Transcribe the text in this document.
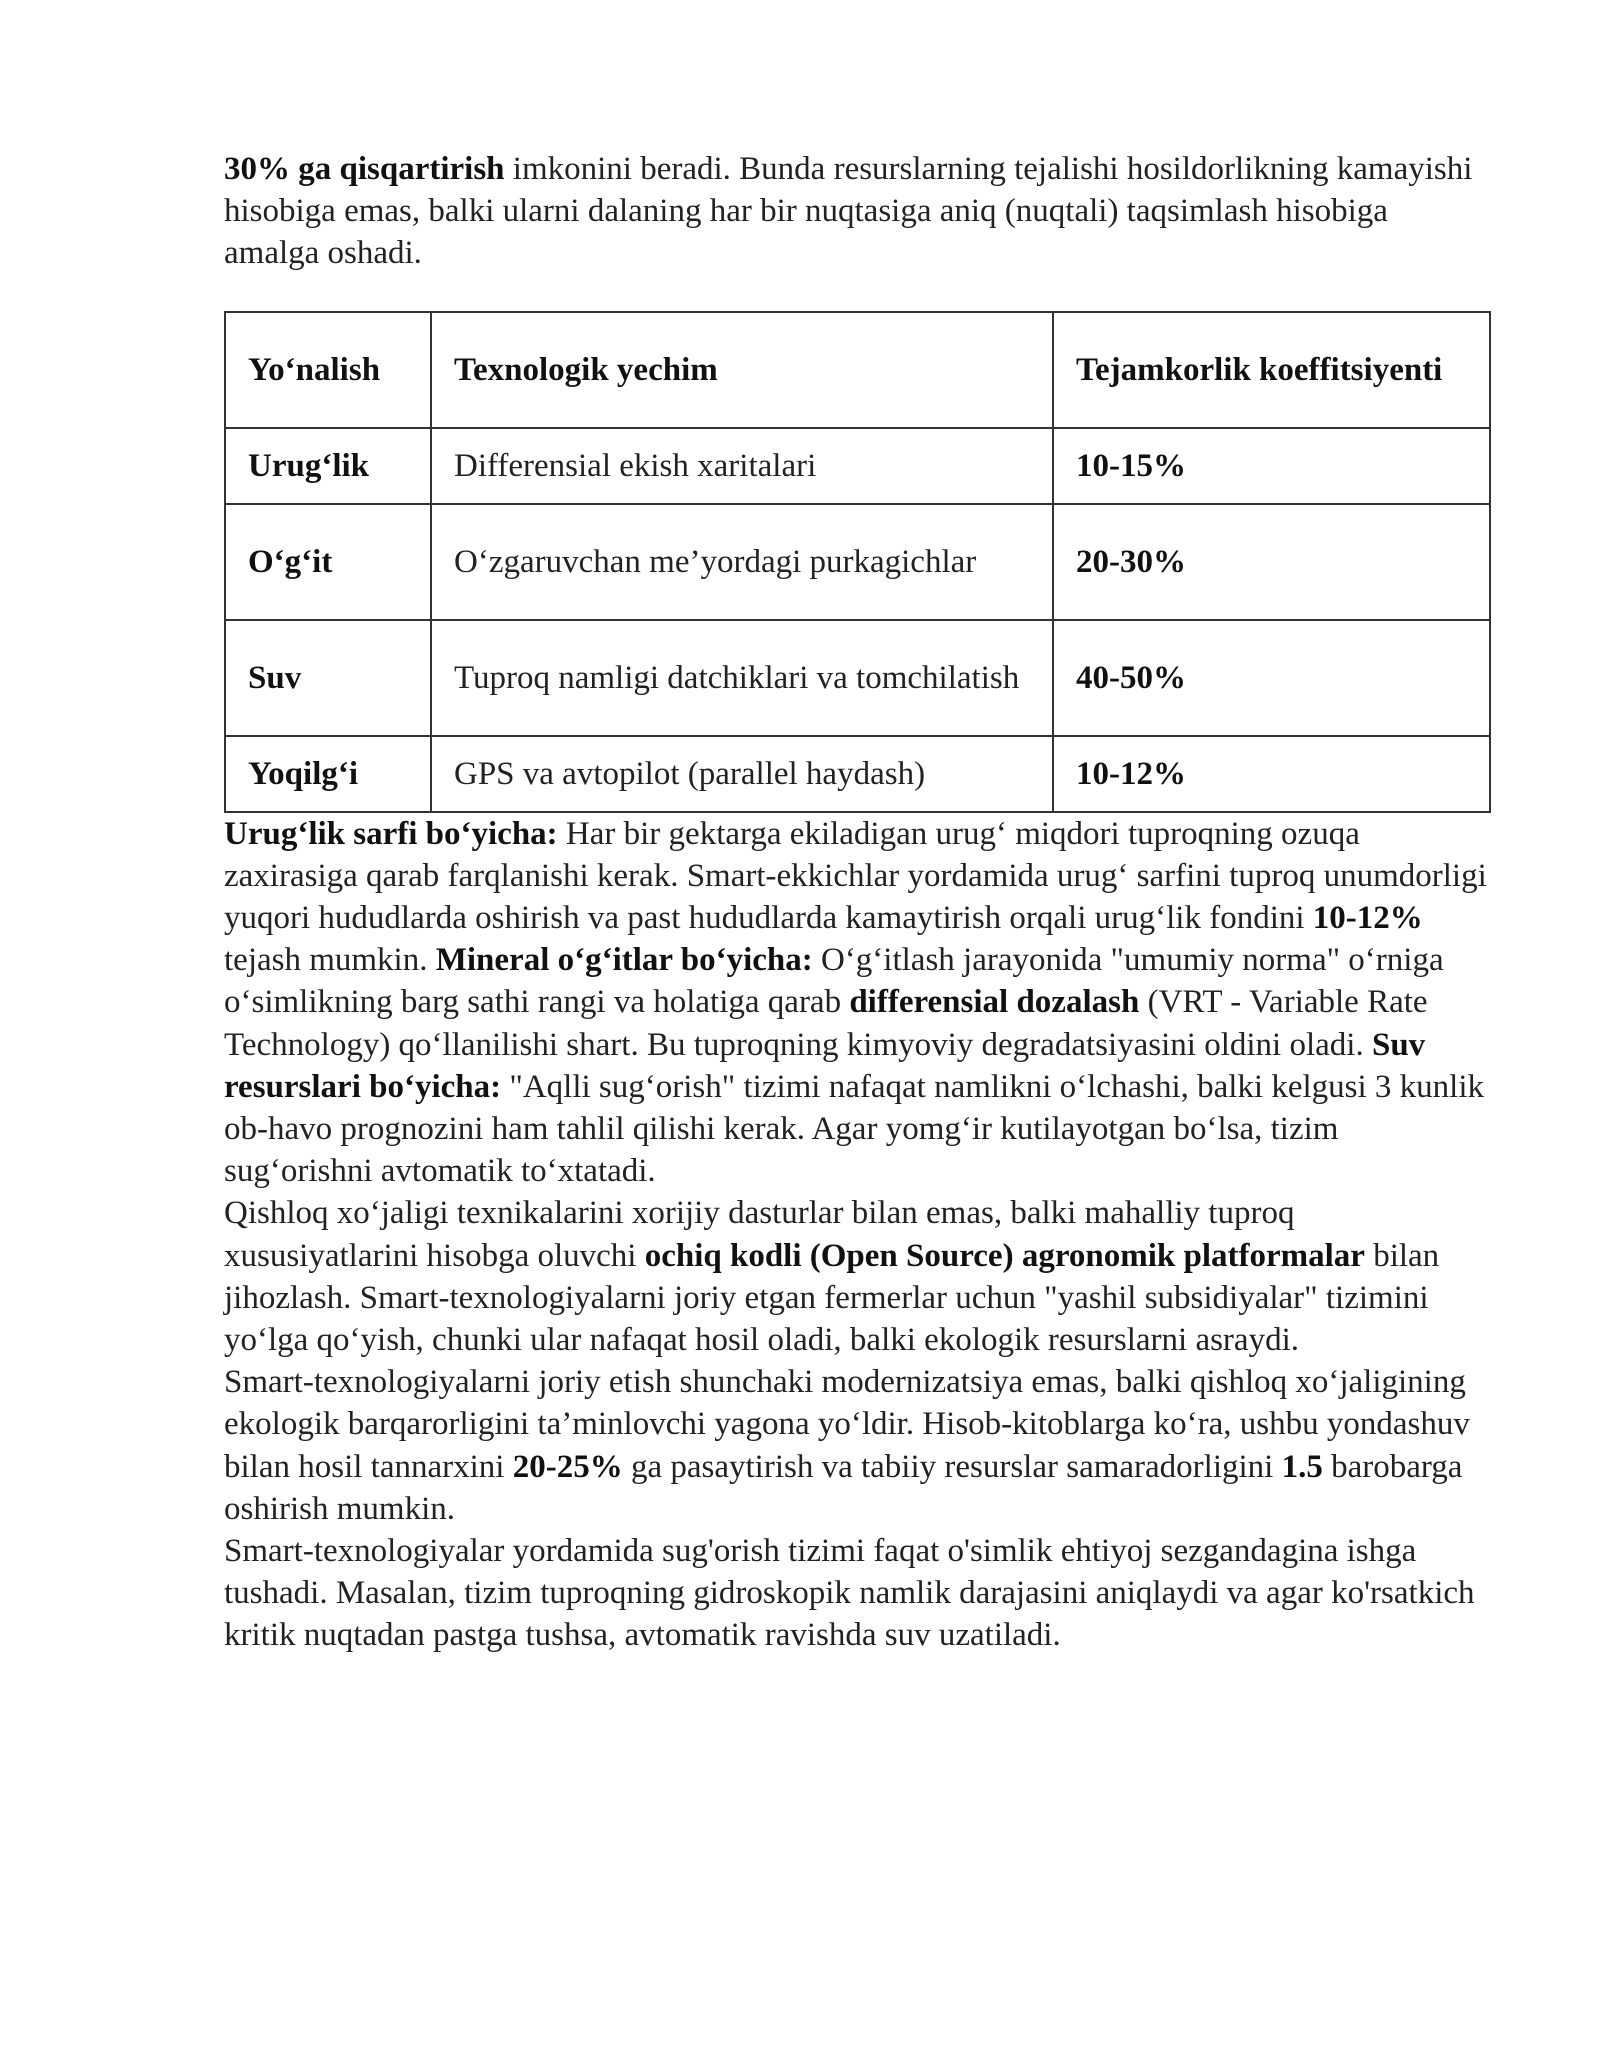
30% ga qisqartirish imkonini beradi. Bunda resurslarning tejalishi hosildorlikning kamayishi hisobiga emas, balki ularni dalaning har bir nuqtasiga aniq (nuqtali) taqsimlash hisobiga amalga oshadi.

Yo‘nalish	Texnologik yechim	Tejamkorlik koeffitsiyenti
Urug‘lik	Differensial ekish xaritalari	10-15%
O‘g‘it	O‘zgaruvchan me’yordagi purkagichlar	20-30%
Suv	Tuproq namligi datchiklari va tomchilatish	40-50%
Yoqilg‘i	GPS va avtopilot (parallel haydash)	10-12%

Urug‘lik sarfi bo‘yicha: Har bir gektarga ekiladigan urug‘ miqdori tuproqning ozuqa zaxirasiga qarab farqlanishi kerak. Smart-ekkichlar yordamida urug‘ sarfini tuproq unumdorligi yuqori hududlarda oshirish va past hududlarda kamaytirish orqali urug‘lik fondini 10-12% tejash mumkin. Mineral o‘g‘itlar bo‘yicha: O‘g‘itlash jarayonida "umumiy norma" o‘rniga o‘simlikning barg sathi rangi va holatiga qarab differensial dozalash (VRT - Variable Rate Technology) qo‘llanilishi shart. Bu tuproqning kimyoviy degradatsiyasini oldini oladi. Suv resurslari bo‘yicha: "Aqlli sug‘orish" tizimi nafaqat namlikni o‘lchashi, balki kelgusi 3 kunlik ob-havo prognozini ham tahlil qilishi kerak. Agar yomg‘ir kutilayotgan bo‘lsa, tizim sug‘orishni avtomatik to‘xtatadi.

Qishloq xo‘jaligi texnikalarini xorijiy dasturlar bilan emas, balki mahalliy tuproq xususiyatlarini hisobga oluvchi ochiq kodli (Open Source) agronomik platformalar bilan jihozlash. Smart-texnologiyalarni joriy etgan fermerlar uchun "yashil subsidiyalar" tizimini yo‘lga qo‘yish, chunki ular nafaqat hosil oladi, balki ekologik resurslarni asraydi.

Smart-texnologiyalarni joriy etish shunchaki modernizatsiya emas, balki qishloq xo‘jaligining ekologik barqarorligini ta’minlovchi yagona yo‘ldir. Hisob-kitoblarga ko‘ra, ushbu yondashuv bilan hosil tannarxini 20-25% ga pasaytirish va tabiiy resurslar samaradorligini 1.5 barobarga oshirish mumkin.

Smart-texnologiyalar yordamida sug'orish tizimi faqat o'simlik ehtiyoj sezgandagina ishga tushadi. Masalan, tizim tuproqning gidroskopik namlik darajasini aniqlaydi va agar ko'rsatkich kritik nuqtadan pastga tushsa, avtomatik ravishda suv uzatiladi.
